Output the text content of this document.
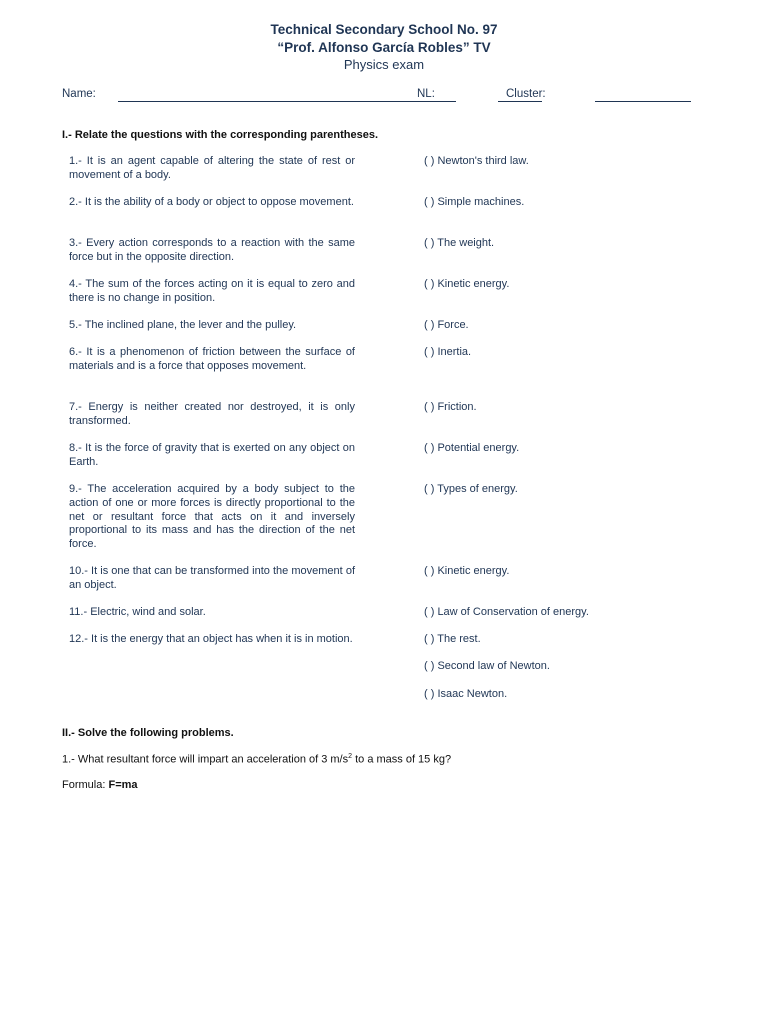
Technical Secondary School No. 97
“Prof. Alfonso García Robles” TV
Physics exam
Name:	NL:	Cluster:
I.- Relate the questions with the corresponding parentheses.
1.- It is an agent capable of altering the state of rest or movement of a body.
2.- It is the ability of a body or object to oppose movement.
3.- Every action corresponds to a reaction with the same force but in the opposite direction.
4.- The sum of the forces acting on it is equal to zero and there is no change in position.
5.- The inclined plane, the lever and the pulley.
6.- It is a phenomenon of friction between the surface of materials and is a force that opposes movement.
7.- Energy is neither created nor destroyed, it is only transformed.
8.- It is the force of gravity that is exerted on any object on Earth.
9.- The acceleration acquired by a body subject to the action of one or more forces is directly proportional to the net or resultant force that acts on it and inversely proportional to its mass and has the direction of the net force.
10.- It is one that can be transformed into the movement of an object.
11.- Electric, wind and solar.
12.- It is the energy that an object has when it is in motion.
( ) Newton's third law.
( ) Simple machines.
( ) The weight.
( ) Kinetic energy.
( ) Force.
( ) Inertia.
( ) Friction.
( ) Potential energy.
( ) Types of energy.
( ) Kinetic energy.
( ) Law of Conservation of energy.
( ) The rest.
( ) Second law of Newton.
( ) Isaac Newton.
II.- Solve the following problems.
1.- What resultant force will impart an acceleration of 3 $m/s^2$ to a mass of 15 kg?
Formula: F=ma
